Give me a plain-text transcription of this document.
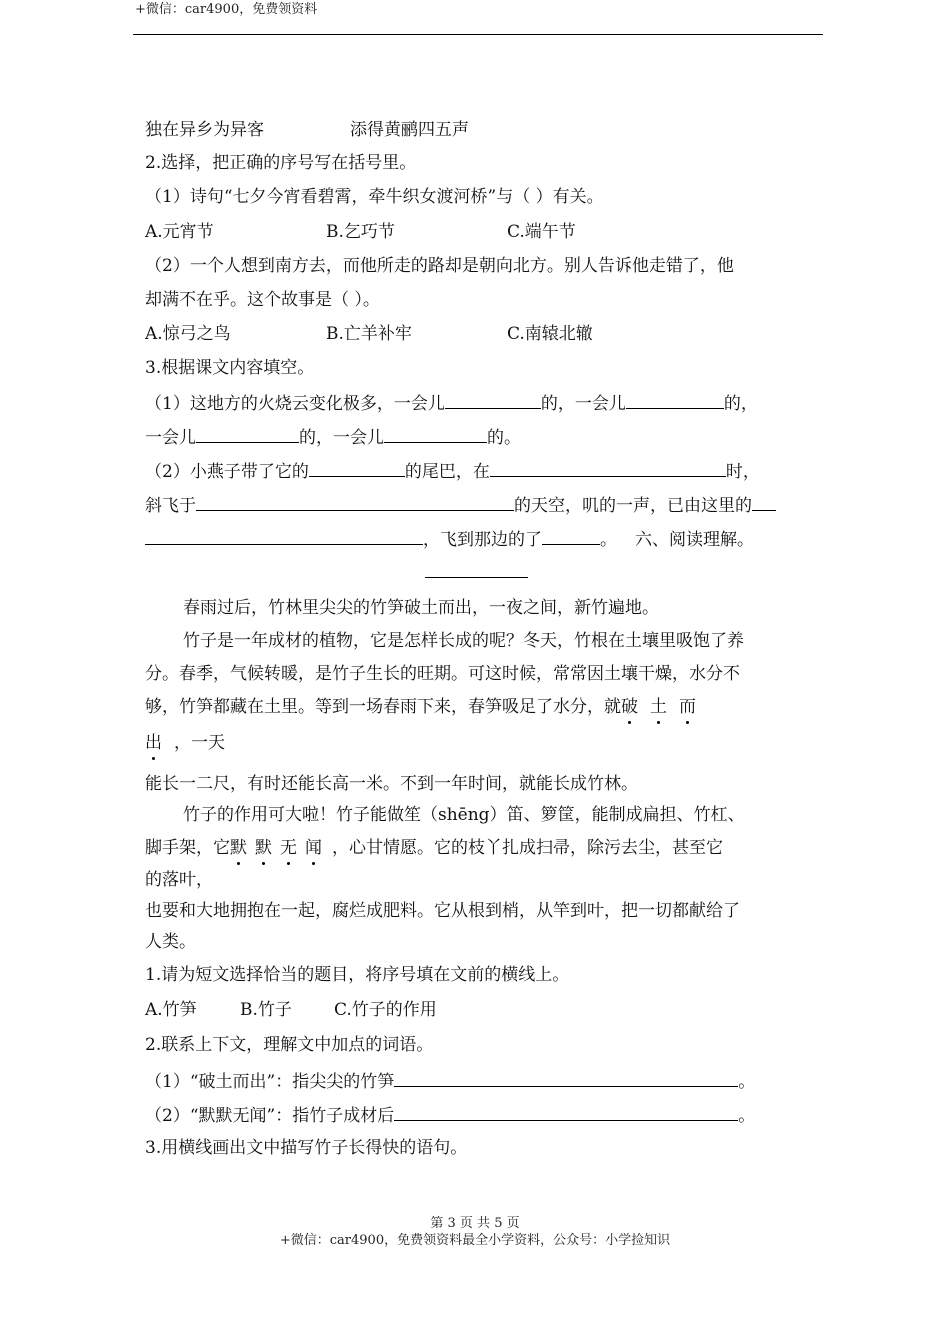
+微信：car4900，免费领资料
独在异乡为异客	添得黄鹂四五声
2.选择，把正确的序号写在括号里。
（1）诗句“七夕今宵看碧霄，牵牛织女渡河桥”与（ ）有关。
A.元宵节	B.乞巧节	C.端午节
（2）一个人想到南方去，而他所走的路却是朝向北方。别人告诉他走错了，他
却满不在乎。这个故事是（ ）。
A.惊弓之鸟	B.亡羊补牢	C.南辕北辙
3.根据课文内容填空。
（1）这地方的火烧云变化极多，一会儿	的，一会儿	的，
一会儿	的，一会儿	的。
（2）小燕子带了它的	的尾巴，在	时，
斜飞于	的天空，叽的一声，已由这里的
，飞到那边的了	。 六、阅读理解。
春雨过后，竹林里尖尖的竹笋破土而出，一夜之间，新竹遍地。
竹子是一年成材的植物，它是怎样长成的呢？冬天，竹根在土壤里吸饱了养
分。春季，气候转暖，是竹子生长的旺期。可这时候，常常因土壤干燥，水分不
够，竹笋都藏在土里。等到一场春雨下来，春笋吸足了水分，就破 土 而
出 ，一天
能长一二尺，有时还能长高一米。不到一年时间，就能长成竹林。
竹子的作用可大啦！竹子能做笙（shēng）笛、箩筐，能制成扁担、竹杠、
脚手架，它默 默 无 闻 ，心甘情愿。它的枝丫扎成扫帚，除污去尘，甚至它
的落叶，
也要和大地拥抱在一起，腐烂成肥料。它从根到梢，从竿到叶，把一切都献给了
人类。
1.请为短文选择恰当的题目，将序号填在文前的横线上。
A.竹笋	B.竹子 C.竹子的作用
2.联系上下文，理解文中加点的词语。
（1）“破土而出”：指尖尖的竹笋	。
（2）“默默无闻”：指竹子成材后	。
3.用横线画出文中描写竹子长得快的语句。
第 3 页 共 5 页
+微信：car4900，免费领资料最全小学资料，公众号：小学捡知识
